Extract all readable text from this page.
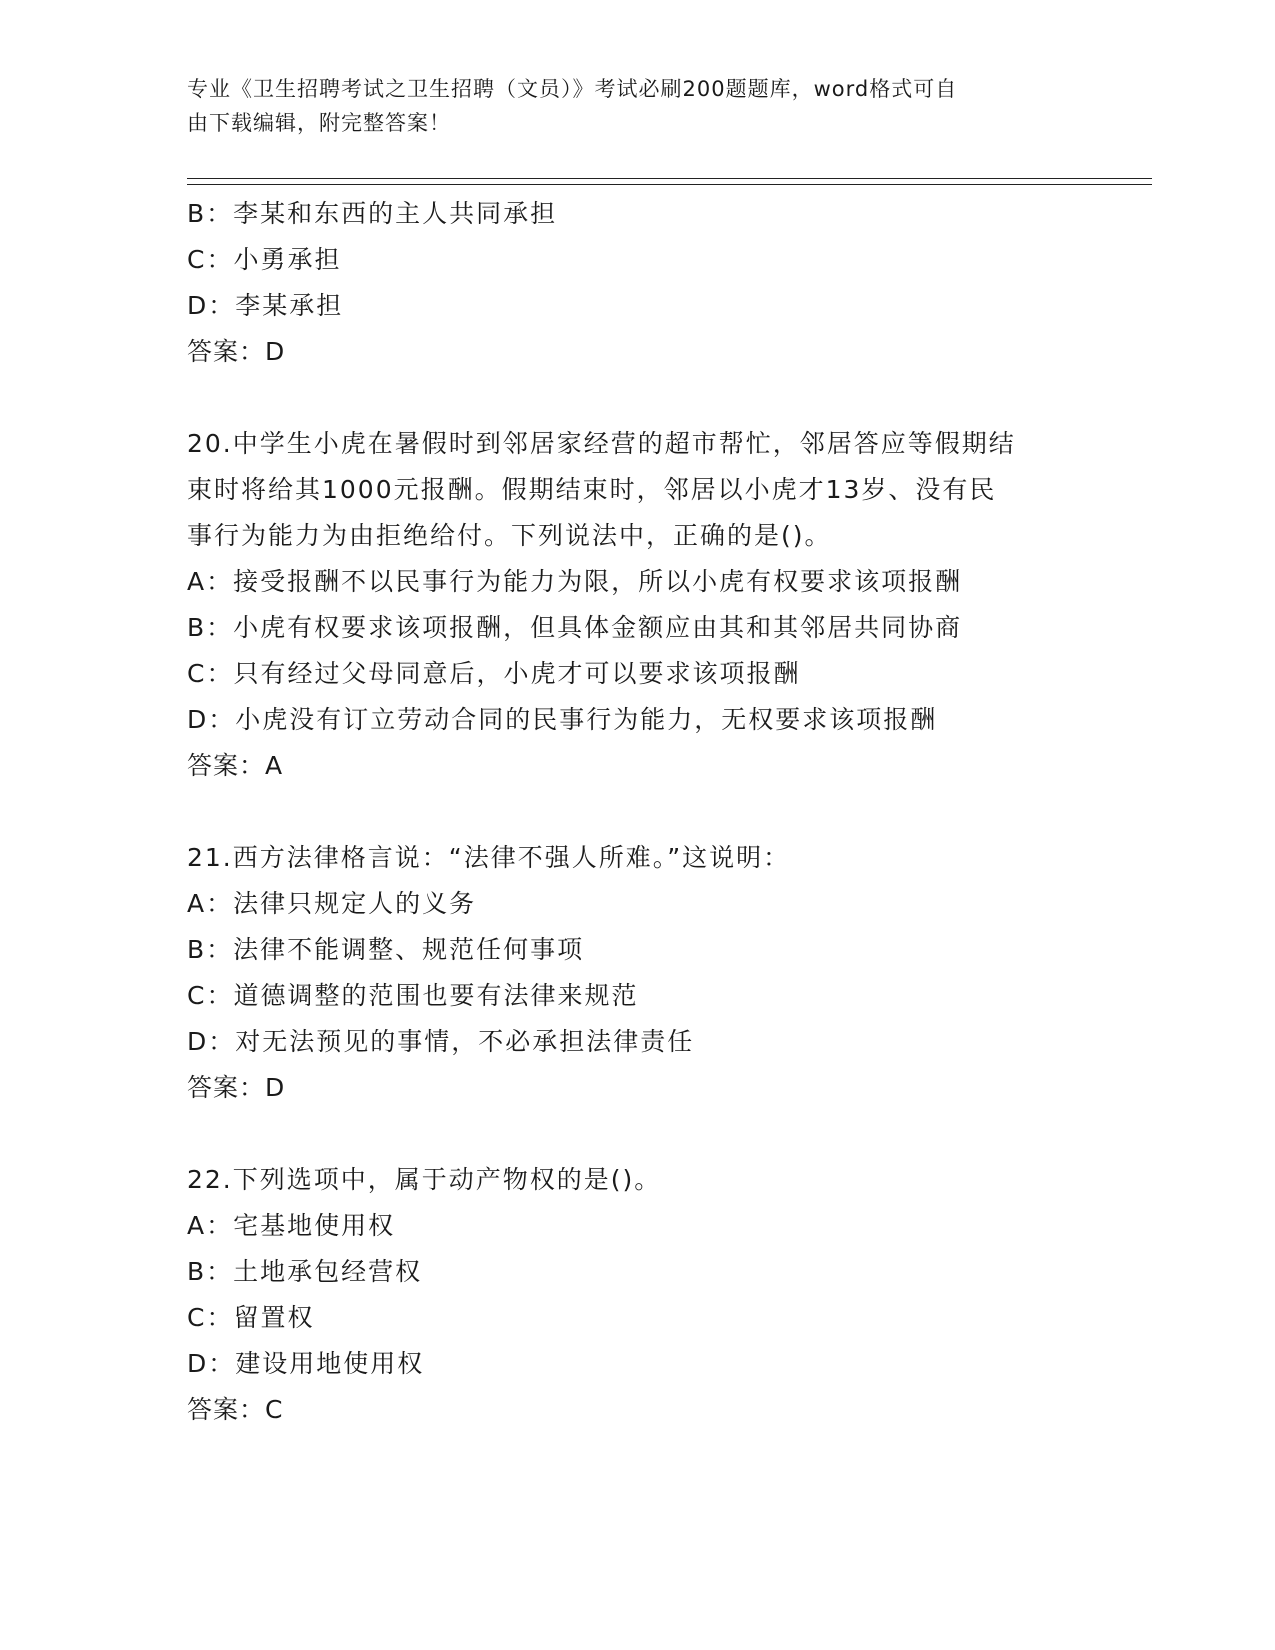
专业《卫生招聘考试之卫生招聘（文员）》考试必刷200题题库，word格式可自
由下载编辑，附完整答案！
B：李某和东西的主人共同承担
C：小勇承担
D：李某承担
答案：D
20.中学生小虎在暑假时到邻居家经营的超市帮忙，邻居答应等假期结
束时将给其1000元报酬。假期结束时，邻居以小虎才13岁、没有民
事行为能力为由拒绝给付。下列说法中，正确的是()。
A：接受报酬不以民事行为能力为限，所以小虎有权要求该项报酬
B：小虎有权要求该项报酬，但具体金额应由其和其邻居共同协商
C：只有经过父母同意后，小虎才可以要求该项报酬
D：小虎没有订立劳动合同的民事行为能力，无权要求该项报酬
答案：A
21.西方法律格言说：“法律不强人所难。”这说明：
A：法律只规定人的义务
B：法律不能调整、规范任何事项
C：道德调整的范围也要有法律来规范
D：对无法预见的事情，不必承担法律责任
答案：D
22.下列选项中，属于动产物权的是()。
A：宅基地使用权
B：土地承包经营权
C：留置权
D：建设用地使用权
答案：C
